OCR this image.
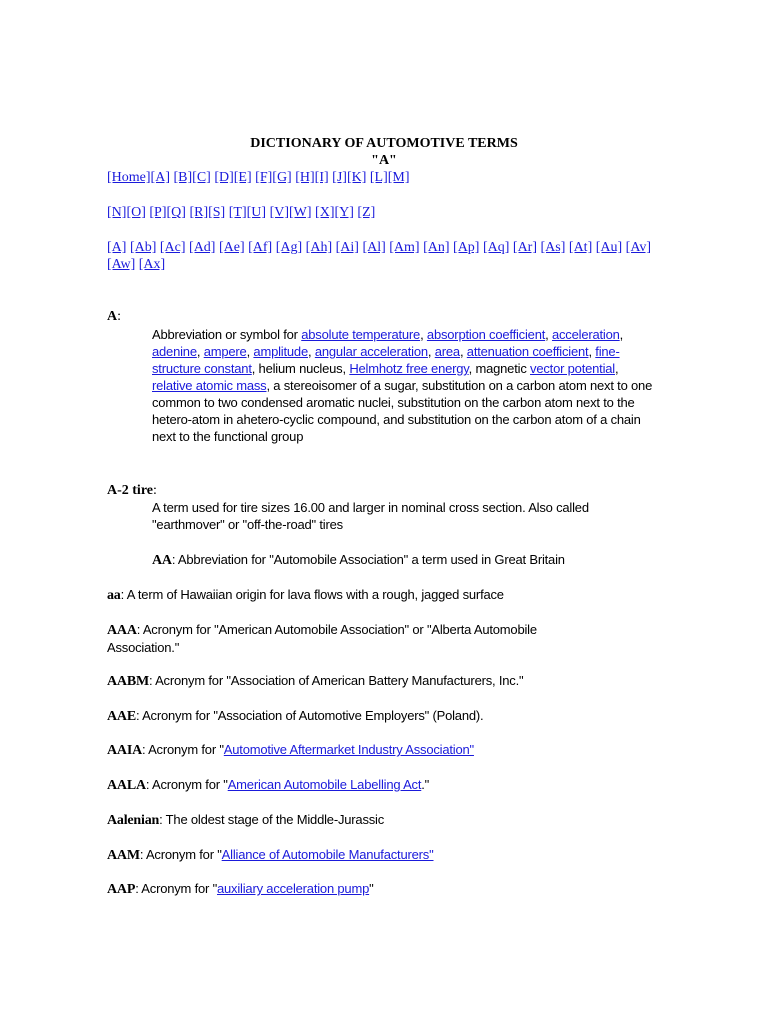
DICTIONARY OF AUTOMOTIVE TERMS
"A"
[Home][A] [B][C] [D][E] [F][G] [H][I] [J][K] [L][M]
[N][O] [P][Q] [R][S] [T][U] [V][W] [X][Y] [Z]
[A] [Ab] [Ac] [Ad] [Ae] [Af] [Ag] [Ah] [Ai] [Al] [Am] [An] [Ap] [Aq] [Ar] [As] [At] [Au] [Av] [Aw] [Ax]
A:
Abbreviation or symbol for absolute temperature, absorption coefficient, acceleration, adenine, ampere, amplitude, angular acceleration, area, attenuation coefficient, fine-structure constant, helium nucleus, Helmhotz free energy, magnetic vector potential, relative atomic mass, a stereoisomer of a sugar, substitution on a carbon atom next to one common to two condensed aromatic nuclei, substitution on the carbon atom next to the hetero-atom in ahetero-cyclic compound, and substitution on the carbon atom of a chain next to the functional group
A-2 tire:
A term used for tire sizes 16.00 and larger in nominal cross section. Also called "earthmover" or "off-the-road" tires
AA: Abbreviation for "Automobile Association" a term used in Great Britain
aa: A term of Hawaiian origin for lava flows with a rough, jagged surface
AAA: Acronym for "American Automobile Association" or "Alberta Automobile Association."
AABM: Acronym for "Association of American Battery Manufacturers, Inc."
AAE: Acronym for "Association of Automotive Employers" (Poland).
AAIA: Acronym for "Automotive Aftermarket Industry Association"
AALA: Acronym for "American Automobile Labelling Act."
Aalenian: The oldest stage of the Middle-Jurassic
AAM: Acronym for "Alliance of Automobile Manufacturers"
AAP: Acronym for "auxiliary acceleration pump"
